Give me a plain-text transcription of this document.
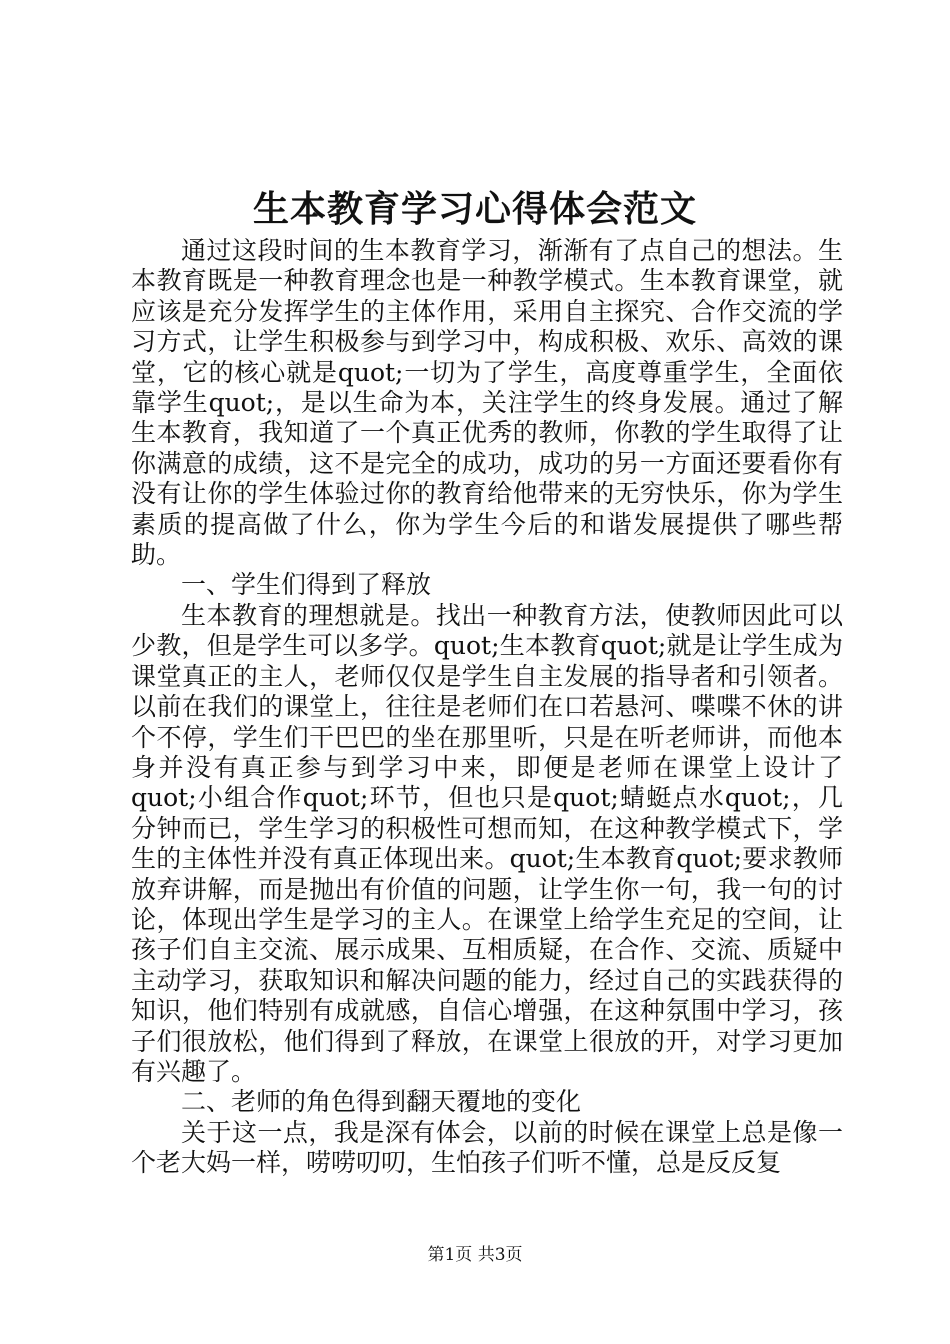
生本教育学习心得体会范文

通过这段时间的生本教育学习，渐渐有了点自己的想法。生本教育既是一种教育理念也是一种教学模式。生本教育课堂，就应该是充分发挥学生的主体作用，采用自主探究、合作交流的学习方式，让学生积极参与到学习中，构成积极、欢乐、高效的课堂，它的核心就是quot;一切为了学生，高度尊重学生，全面依靠学生quot;，是以生命为本，关注学生的终身发展。通过了解生本教育，我知道了一个真正优秀的教师，你教的学生取得了让你满意的成绩，这不是完全的成功，成功的另一方面还要看你有没有让你的学生体验过你的教育给他带来的无穷快乐，你为学生素质的提高做了什么，你为学生今后的和谐发展提供了哪些帮助。

一、学生们得到了释放

生本教育的理想就是。找出一种教育方法，使教师因此可以少教，但是学生可以多学。quot;生本教育quot;就是让学生成为课堂真正的主人，老师仅仅是学生自主发展的指导者和引领者。以前在我们的课堂上，往往是老师们在口若悬河、喋喋不休的讲个不停，学生们干巴巴的坐在那里听，只是在听老师讲，而他本身并没有真正参与到学习中来，即便是老师在课堂上设计了quot;小组合作quot;环节，但也只是quot;蜻蜓点水quot;，几分钟而已，学生学习的积极性可想而知，在这种教学模式下，学生的主体性并没有真正体现出来。quot;生本教育quot;要求教师放弃讲解，而是抛出有价值的问题，让学生你一句，我一句的讨论，体现出学生是学习的主人。在课堂上给学生充足的空间，让孩子们自主交流、展示成果、互相质疑，在合作、交流、质疑中主动学习，获取知识和解决问题的能力，经过自己的实践获得的知识，他们特别有成就感，自信心增强，在这种氛围中学习，孩子们很放松，他们得到了释放，在课堂上很放的开，对学习更加有兴趣了。

二、老师的角色得到翻天覆地的变化

关于这一点，我是深有体会，以前的时候在课堂上总是像一个老大妈一样，唠唠叨叨，生怕孩子们听不懂，总是反反复

第1页 共3页
